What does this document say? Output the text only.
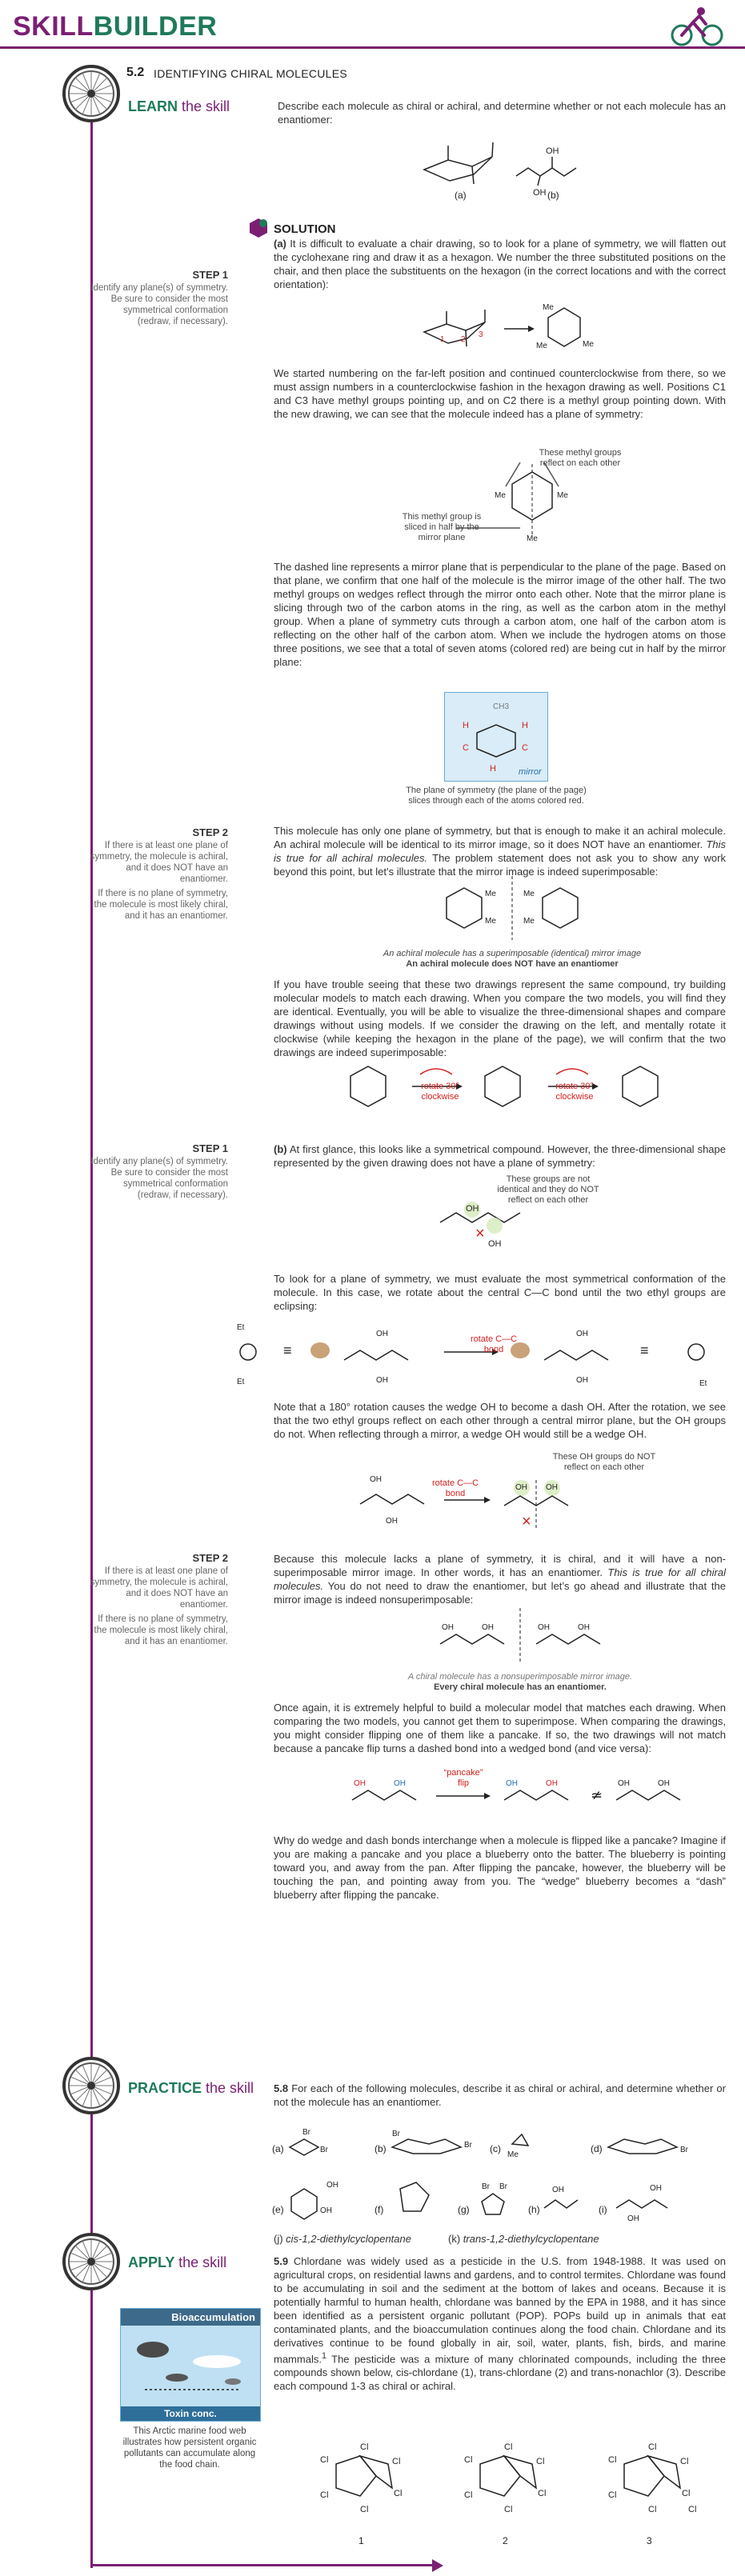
SKILLBUILDER
5.2 IDENTIFYING CHIRAL MOLECULES
LEARN the skill	Describe each molecule as chiral or achiral, and determine whether or not each molecule has an enantiomer:
(a)
OH
OH (b)
SOLUTION
(a) It is difficult to evaluate a chair drawing, so to look for a plane of symmetry, we will flatten out the cyclohexane ring and draw it as a hexagon. We number the three substituted positions on the chair, and then place the substituents on the hexagon (in the correct locations and with the correct orientation):
STEP 1
Identify any plane(s) of symmetry. Be sure to consider the most symmetrical conformation (redraw, if necessary).
1 2
3
Me
Me
Me
We started numbering on the far-left position and continued counterclockwise from there, so we must assign numbers in a counterclockwise fashion in the hexagon drawing as well. Positions C1 and C3 have methyl groups pointing up, and on C2 there is a methyl group pointing down. With the new drawing, we can see that the molecule indeed has a plane of symmetry:
Me	Me
Me
These methyl groups reflect on each other
This methyl group is sliced in half by the mirror plane
The dashed line represents a mirror plane that is perpendicular to the plane of the page. Based on that plane, we confirm that one half of the molecule is the mirror image of the other half. The two methyl groups on wedges reflect through the mirror onto each other. Note that the mirror plane is slicing through two of the carbon atoms in the ring, as well as the carbon atom in the methyl group. When a plane of symmetry cuts through a carbon atom, one half of the carbon atom is reflecting on the other half of the carbon atom. When we include the hydrogen atoms on those three positions, we see that a total of seven atoms (colored red) are being cut in half by the mirror plane:
CH3
H	H
C	C
H	mirror
The plane of symmetry (the plane of the page) slices through each of the atoms colored red.
STEP 2
If there is at least one plane of symmetry, the molecule is achiral, and it does NOT have an enantiomer.
If there is no plane of symmetry, the molecule is most likely chiral, and it has an enantiomer.
This molecule has only one plane of symmetry, but that is enough to make it an achiral molecule. An achiral molecule will be identical to its mirror image, so it does NOT have an enantiomer. This is true for all achiral molecules. The problem statement does not ask you to show any work beyond this point, but let’s illustrate that the mirror image is indeed superimposable:
Me
Me
Me
Me
An achiral molecule has a superimposable (identical) mirror image
An achiral molecule does NOT have an enantiomer
If you have trouble seeing that these two drawings represent the same compound, try building molecular models to match each drawing. When you compare the two models, you will find they are identical. Eventually, you will be able to visualize the three-dimensional shapes and compare drawings without using models. If we consider the drawing on the left, and mentally rotate it clockwise (while keeping the hexagon in the plane of the page), we will confirm that the two drawings are indeed superimposable:
rotate 30° clockwise
rotate 30° clockwise
STEP 1
Identify any plane(s) of symmetry. Be sure to consider the most symmetrical conformation (redraw, if necessary).
(b) At first glance, this looks like a symmetrical compound. However, the three-dimensional shape represented by the given drawing does not have a plane of symmetry:
OH
OH
×
These groups are not identical and they do NOT reflect on each other
To look for a plane of symmetry, we must evaluate the most symmetrical conformation of the molecule. In this case, we rotate about the central C—C bond until the two ethyl groups are eclipsing:
Et
Et
≡
OH
OH
OH
OH
≡
Et
rotate C—C bond
Note that a 180° rotation causes the wedge OH to become a dash OH. After the rotation, we see that the two ethyl groups reflect on each other through a central mirror plane, but the OH groups do not. When reflecting through a mirror, a wedge OH would still be a wedge OH.
OH
OH
OH OH
×
rotate C—C bond
These OH groups do NOT reflect on each other
STEP 2
If there is at least one plane of symmetry, the molecule is achiral, and it does NOT have an enantiomer.
If there is no plane of symmetry, the molecule is most likely chiral, and it has an enantiomer.
Because this molecule lacks a plane of symmetry, it is chiral, and it will have a non-superimposable mirror image. In other words, it has an enantiomer. This is true for all chiral molecules. You do not need to draw the enantiomer, but let’s go ahead and illustrate that the mirror image is indeed nonsuperimposable:
OH	OH	OH	OH
A chiral molecule has a nonsuperimposable mirror image.
Every chiral molecule has an enantiomer.
Once again, it is extremely helpful to build a molecular model that matches each drawing. When comparing the two models, you cannot get them to superimpose. When comparing the drawings, you might consider flipping one of them like a pancake. If so, the two drawings will not match because a pancake flip turns a dashed bond into a wedged bond (and vice versa):
OH	OH	OH	OH
≄
OH	OH
“pancake” flip
Why do wedge and dash bonds interchange when a molecule is flipped like a pancake? Imagine if you are making a pancake and you place a blueberry onto the batter. The blueberry is pointing toward you, and away from the pan. After flipping the pancake, however, the blueberry will be touching the pan, and pointing away from you. The “wedge” blueberry becomes a “dash” blueberry after flipping the pancake.
PRACTICE the skill 5.8 For each of the following molecules, describe it as chiral or achiral, and determine whether or not the molecule has an enantiomer.
(a)
Br
Br	(b)
Br
Br (c)
Me
(d)	Br
(e)	OH
OH
(f)	(g)
Br Br
(h)
OH
(i)
OH
OH
(j) cis-1,2-diethylcyclopentane	(k) trans-1,2-diethylcyclopentane
APPLY the skill	5.9 Chlordane was widely used as a pesticide in the U.S. from 1948-1988. It was used on agricultural crops, on residential lawns and gardens, and to control termites. Chlordane was found to be accumulating in soil and the sediment at the bottom of lakes and oceans. Because it is potentially harmful to human health, chlordane was banned by the EPA in 1988, and it has since been identified as a persistent organic pollutant (POP). POPs build up in animals that eat contaminated plants, and the bioaccumulation continues along the food chain. Chlordane and its derivatives continue to be found globally in air, soil, water, plants, fish, birds, and marine mammals.$^1$ The pesticide was a mixture of many chlorinated compounds, including the three compounds shown below, cis-chlordane (1), trans-chlordane (2) and trans-nonachlor (3). Describe each compound 1-3 as chiral or achiral.
Bioaccumulation
Toxin conc.
This Arctic marine food web illustrates how persistent organic pollutants can accumulate along the food chain.	Cl
Cl
Cl
Cl
Cl
Cl
Cl
Cl
Cl
Cl
Cl
Cl
Cl
Cl
Cl
Cl
Cl
Cl	Cl
1	2	3
